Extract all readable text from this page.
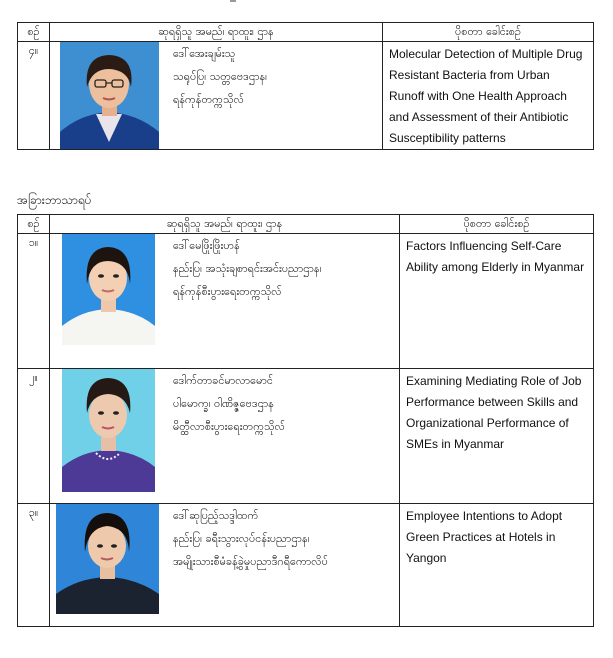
စဉ်	ဆုရရှိသူ အမည်၊ ရာထူး၊ ဌာန	ပိုစတာ ခေါင်းစဉ်
၄။	ဒေါ်အေးချမ်းသူ
သရုပ်ပြ၊ သတ္တဗေဒဌာန၊
ရန်ကုန်တက္ကသိုလ်	Molecular Detection of Multiple Drug Resistant Bacteria from Urban Runoff with One Health Approach and Assessment of their Antibiotic Susceptibility patterns
အခြားဘာသာရပ်
စဉ်	ဆုရရှိသူ အမည်၊ ရာထူး၊ ဌာန	ပိုစတာ ခေါင်းစဉ်
၁။	ဒေါ်မေဖြိုးဖြိုးဟန်
နည်းပြ၊ အသုံးချစာရင်းအင်းပညာဌာန၊
ရန်ကုန်စီးပွားရေးတက္ကသိုလ်	Factors Influencing Self-Care Ability among Elderly in Myanmar
၂။	ဒေါက်တာခင်မာလာမောင်
ပါမောက္ခ၊ ဝါဏိဇ္ဇဗေဒဌာန
မိတ္ထီလာစီးပွားရေးတက္ကသိုလ်	Examining Mediating Role of Job Performance between Skills and Organizational Performance of SMEs in Myanmar
၃။	ဒေါ်ဆုပြည့်သဒ္ဒါထက်
နည်းပြ၊ ခရီးသွားလုပ်ငန်းပညာဌာန၊
အမျိုးသားစီမံခန့်ခွဲမှုပညာဒီဂရီကောလိပ်	Employee Intentions to Adopt Green Practices at Hotels in Yangon
